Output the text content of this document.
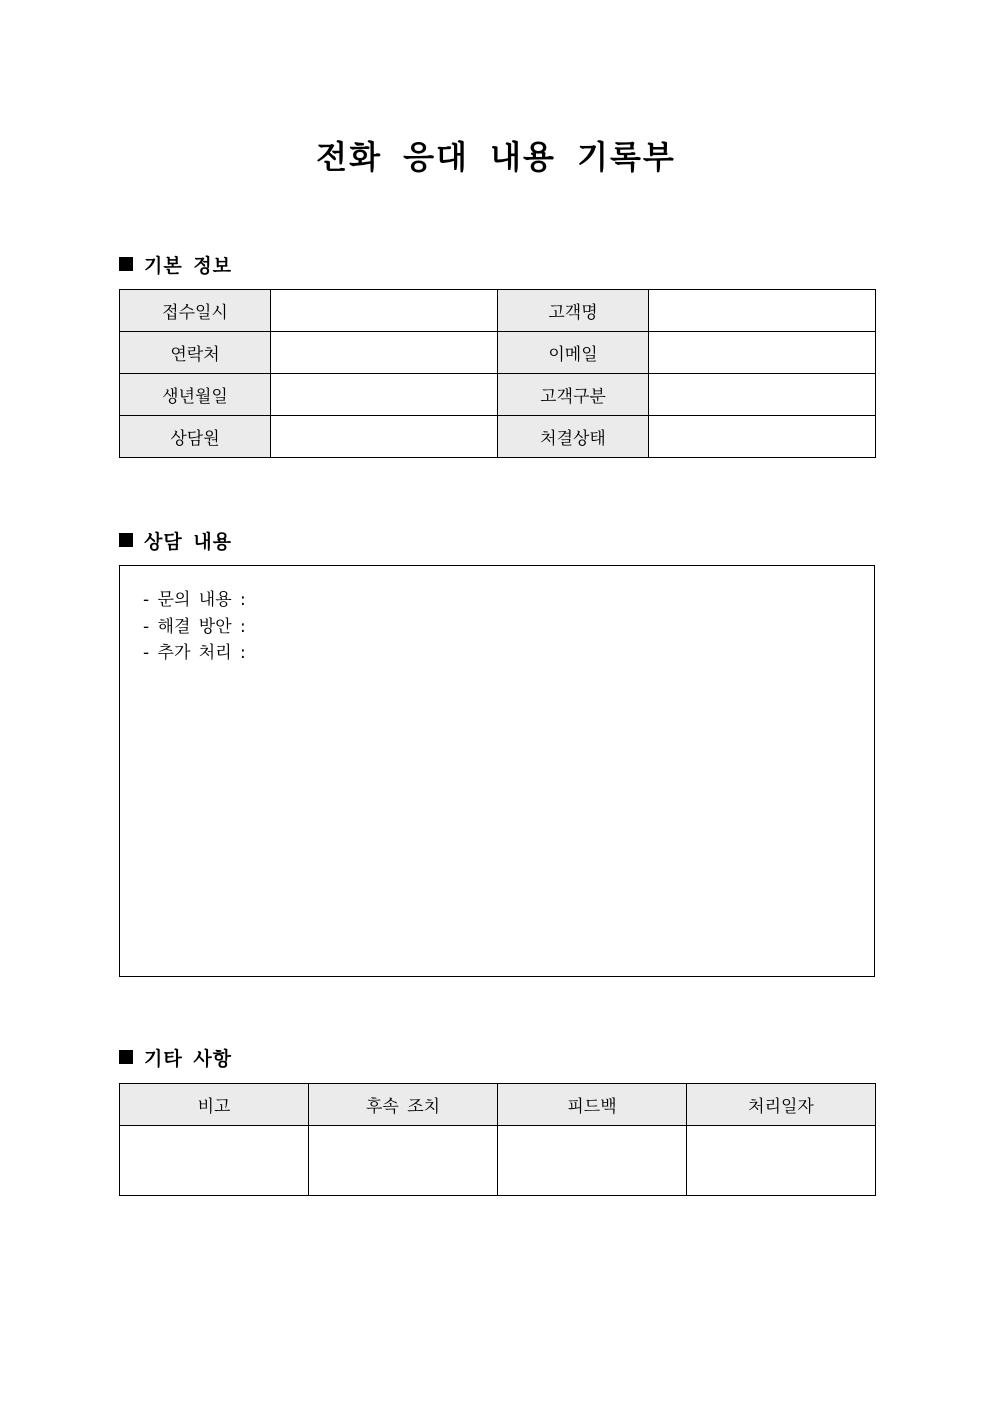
전화 응대 내용 기록부
기본 정보
접수일시		고객명	
연락처		이메일	
생년월일		고객구분	
상담원		처결상태	
상담 내용
- 문의 내용 :
- 해결 방안 :
- 추가 처리 :
기타 사항
비고	후속 조치	피드백	처리일자
